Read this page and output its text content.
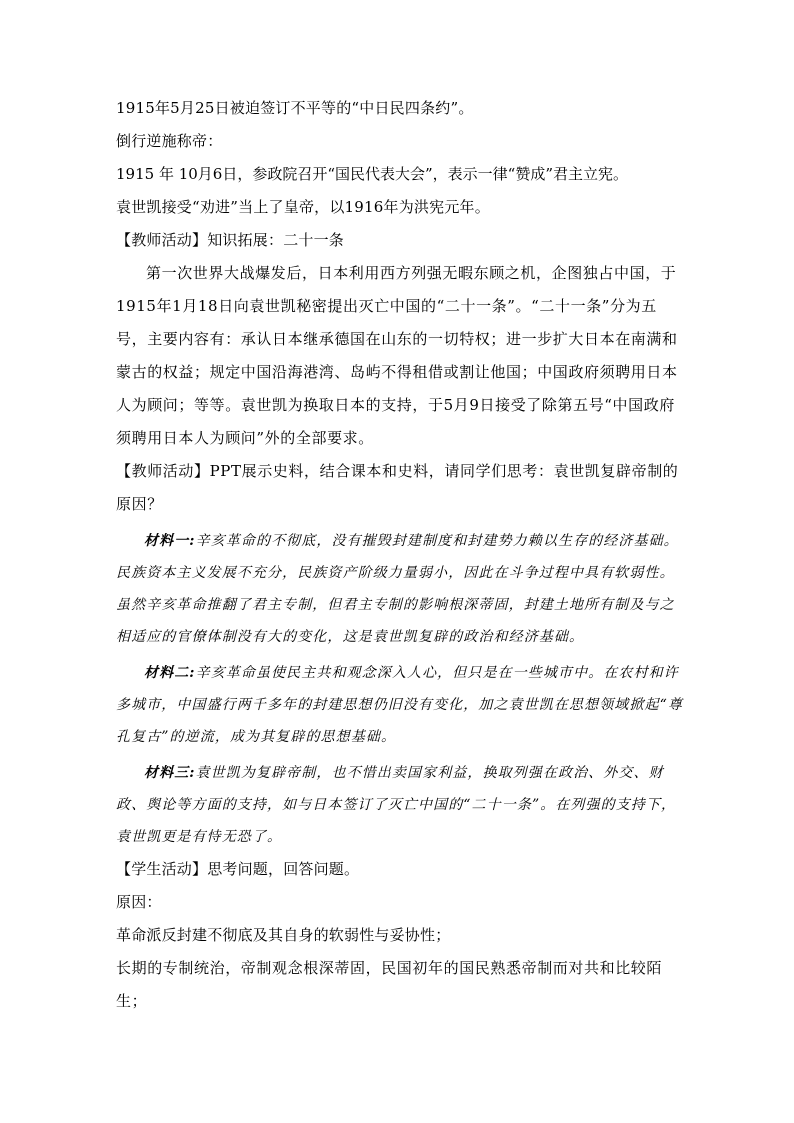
1915年5月25日被迫签订不平等的“中日民四条约”。

倒行逆施称帝：

1915 年 10月6日，参政院召开“国民代表大会”，表示一律“赞成”君主立宪。

袁世凯接受“劝进”当上了皇帝，以1916年为洪宪元年。

【教师活动】知识拓展：二十一条

第一次世界大战爆发后，日本利用西方列强无暇东顾之机，企图独占中国，于1915年1月18日向袁世凯秘密提出灭亡中国的“二十一条”。“二十一条”分为五号，主要内容有：承认日本继承德国在山东的一切特权；进一步扩大日本在南满和蒙古的权益；规定中国沿海港湾、岛屿不得租借或割让他国；中国政府须聘用日本人为顾问；等等。袁世凯为换取日本的支持，于5月9日接受了除第五号“中国政府须聘用日本人为顾问”外的全部要求。

【教师活动】PPT展示史料，结合课本和史料，请同学们思考：袁世凯复辟帝制的原因？

材料一:辛亥革命的不彻底，没有摧毁封建制度和封建势力赖以生存的经济基础。民族资本主义发展不充分，民族资产阶级力量弱小，因此在斗争过程中具有软弱性。虽然辛亥革命推翻了君主专制，但君主专制的影响根深蒂固，封建土地所有制及与之相适应的官僚体制没有大的变化，这是袁世凯复辟的政治和经济基础。

材料二:辛亥革命虽使民主共和观念深入人心，但只是在一些城市中。在农村和许多城市，中国盛行两千多年的封建思想仍旧没有变化，加之袁世凯在思想领域掀起“尊孔复古”的逆流，成为其复辟的思想基础。

材料三:袁世凯为复辟帝制，也不惜出卖国家利益，换取列强在政治、外交、财政、舆论等方面的支持，如与日本签订了灭亡中国的“二十一条”。在列强的支持下，袁世凯更是有恃无恐了。

【学生活动】思考问题，回答问题。

原因：

革命派反封建不彻底及其自身的软弱性与妥协性；

长期的专制统治，帝制观念根深蒂固，民国初年的国民熟悉帝制而对共和比较陌生；
